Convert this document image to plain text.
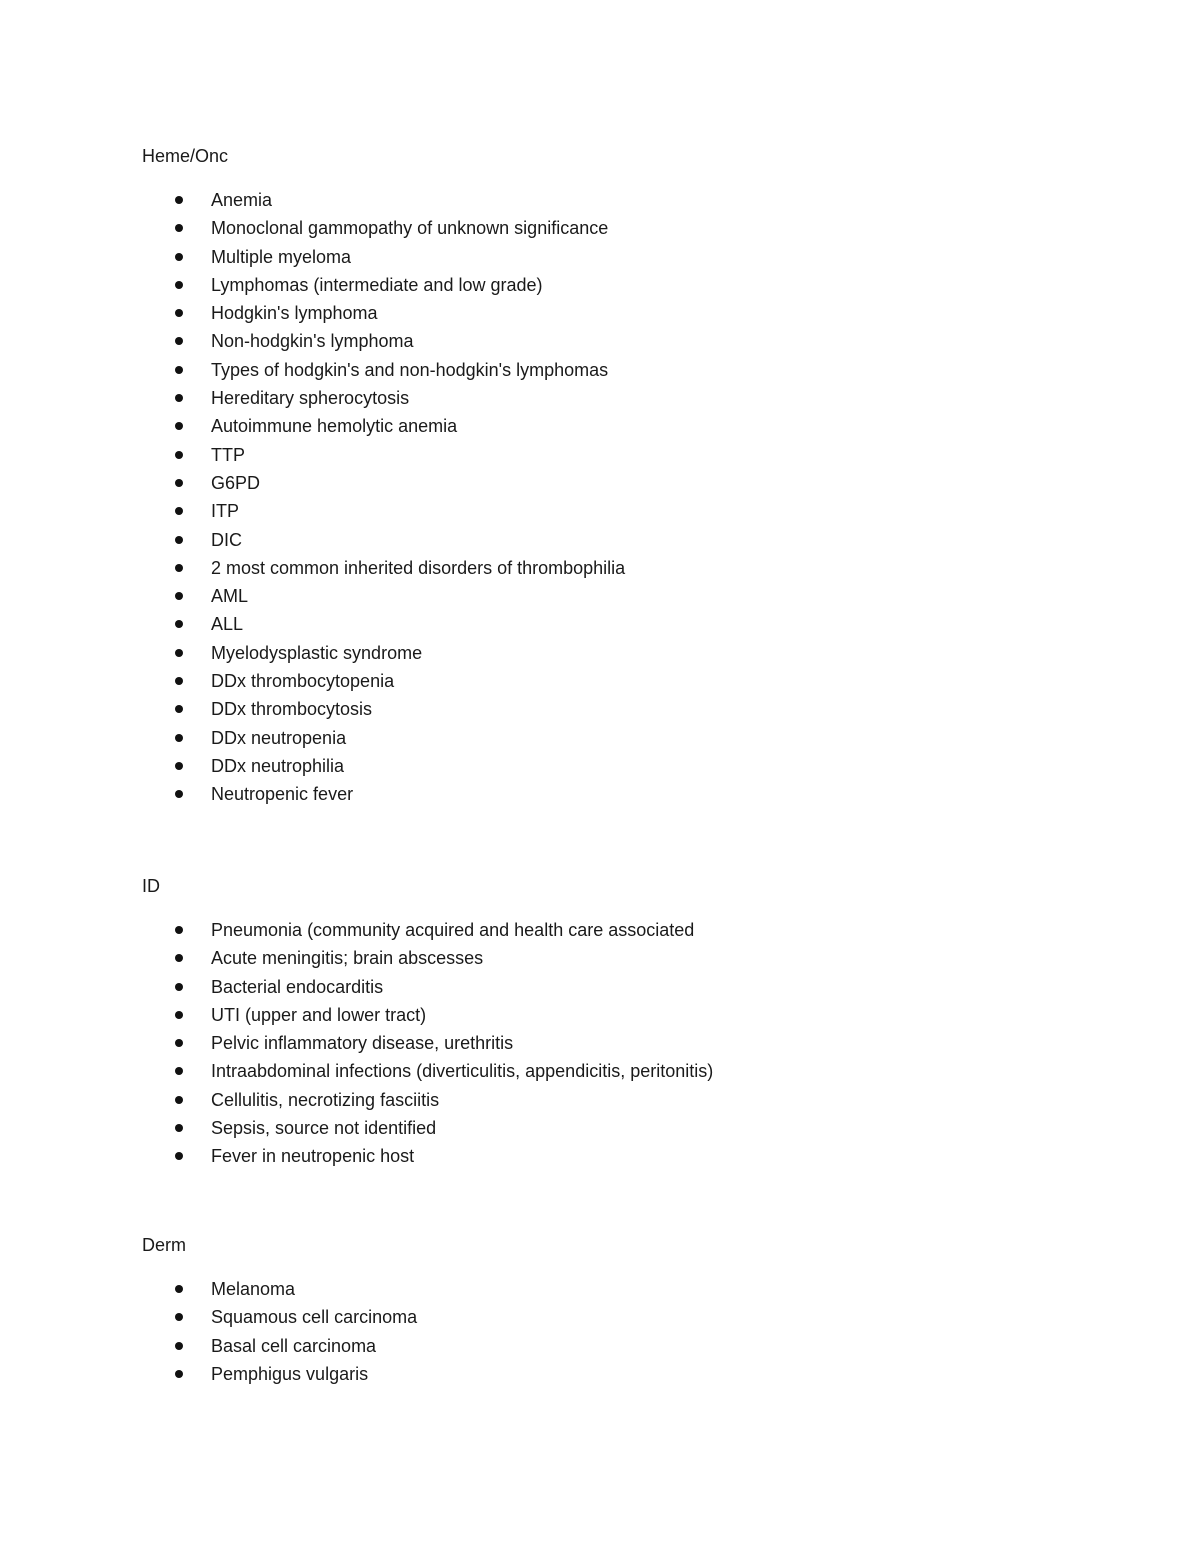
Heme/Onc

Anemia
Monoclonal gammopathy of unknown significance
Multiple myeloma
Lymphomas (intermediate and low grade)
Hodgkin's lymphoma
Non-hodgkin's lymphoma
Types of hodgkin's and non-hodgkin's lymphomas
Hereditary spherocytosis
Autoimmune hemolytic anemia
TTP
G6PD
ITP
DIC
2 most common inherited disorders of thrombophilia
AML
ALL
Myelodysplastic syndrome
DDx thrombocytopenia
DDx thrombocytosis
DDx neutropenia
DDx neutrophilia
Neutropenic fever

ID

Pneumonia (community acquired and health care associated
Acute meningitis; brain abscesses
Bacterial endocarditis
UTI (upper and lower tract)
Pelvic inflammatory disease, urethritis
Intraabdominal infections (diverticulitis, appendicitis, peritonitis)
Cellulitis, necrotizing fasciitis
Sepsis, source not identified
Fever in neutropenic host

Derm

Melanoma
Squamous cell carcinoma
Basal cell carcinoma
Pemphigus vulgaris
